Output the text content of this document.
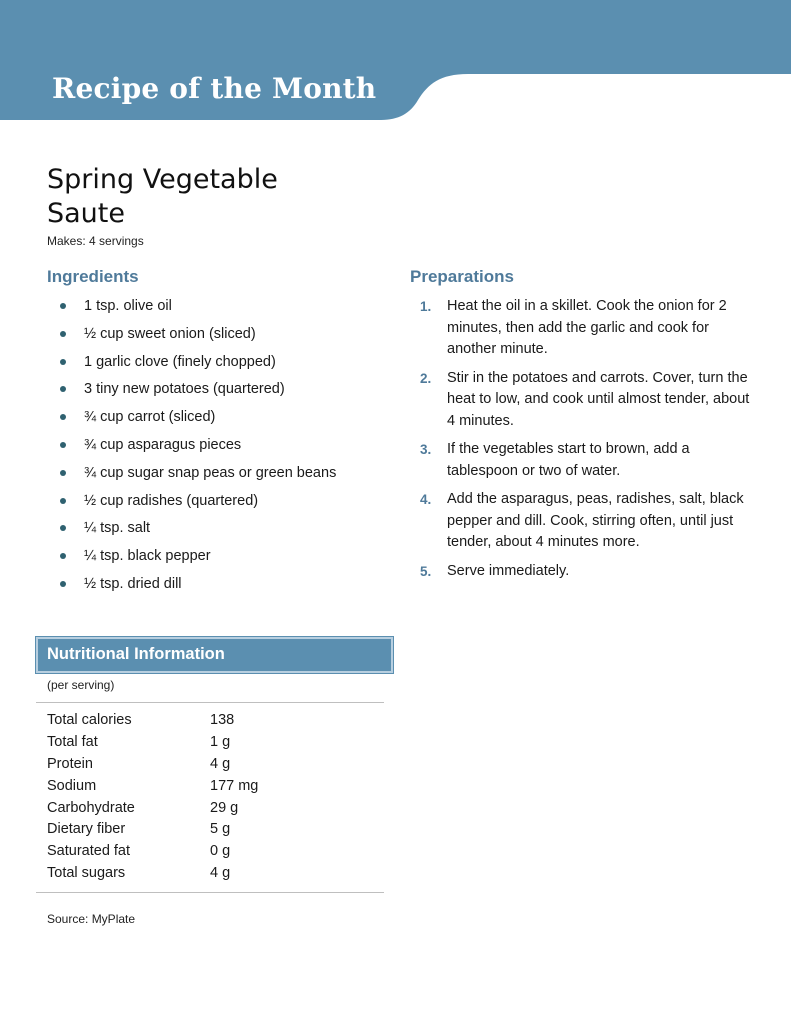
Recipe of the Month
Spring Vegetable
Saute
Makes: 4 servings
Ingredients
1 tsp. olive oil
½ cup sweet onion (sliced)
1 garlic clove (finely chopped)
3 tiny new potatoes (quartered)
¾ cup carrot (sliced)
¾ cup asparagus pieces
¾ cup sugar snap peas or green beans
½ cup radishes (quartered)
¼ tsp. salt
¼ tsp. black pepper
½ tsp. dried dill
Preparations
1. Heat the oil in a skillet. Cook the onion for 2 minutes, then add the garlic and cook for another minute.
2. Stir in the potatoes and carrots. Cover, turn the heat to low, and cook until almost tender, about 4 minutes.
3. If the vegetables start to brown, add a tablespoon or two of water.
4. Add the asparagus, peas, radishes, salt, black pepper and dill. Cook, stirring often, until just tender, about 4 minutes more.
5. Serve immediately.
Nutritional Information
(per serving)
Total calories	138
Total fat	1 g
Protein	4 g
Sodium	177 mg
Carbohydrate	29 g
Dietary fiber	5 g
Saturated fat	0 g
Total sugars	4 g
Source: MyPlate
